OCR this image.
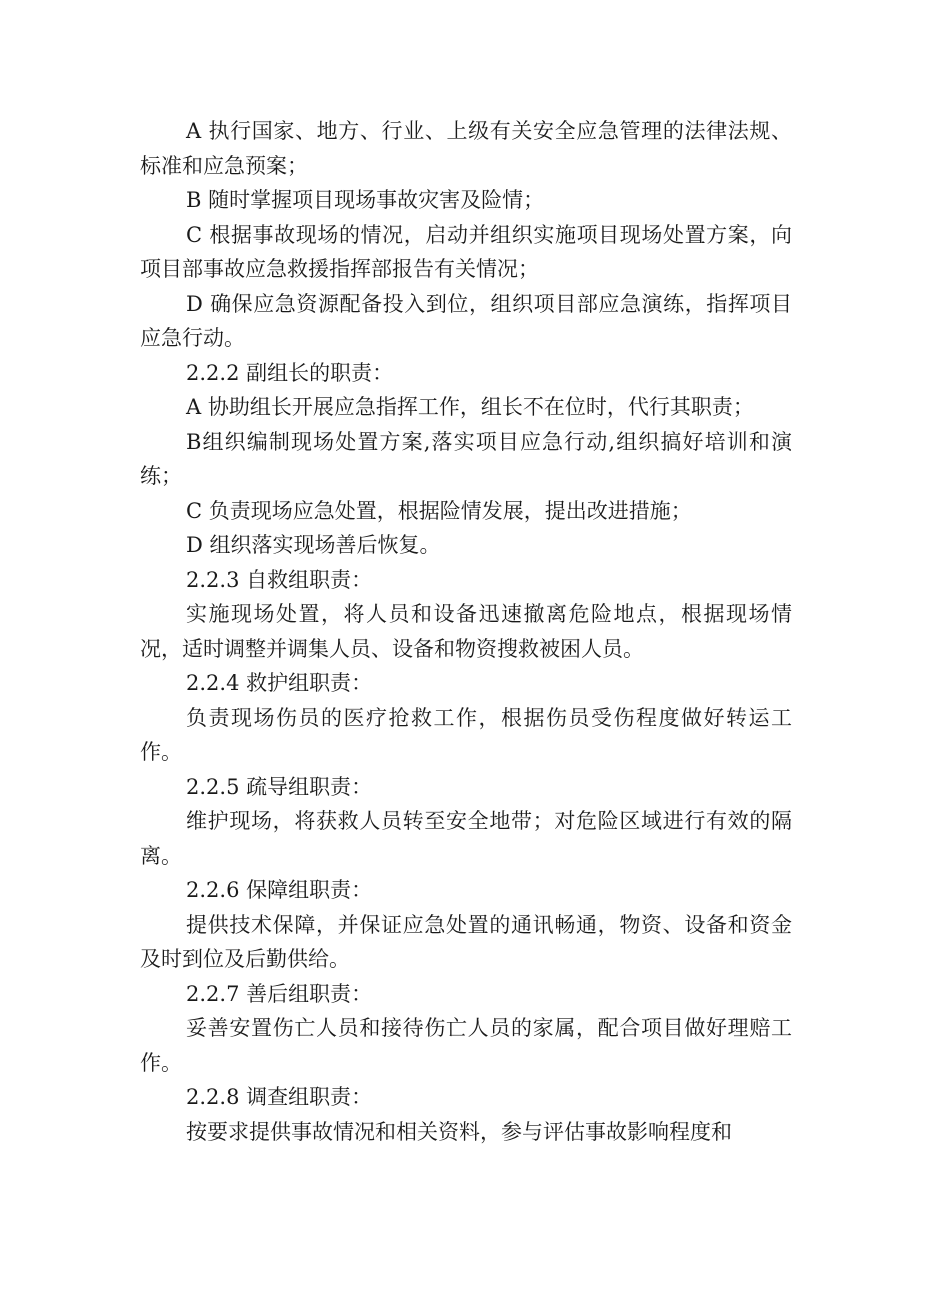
A 执行国家、地方、行业、上级有关安全应急管理的法律法规、标准和应急预案；

B 随时掌握项目现场事故灾害及险情；

C 根据事故现场的情况，启动并组织实施项目现场处置方案，向项目部事故应急救援指挥部报告有关情况；

D 确保应急资源配备投入到位，组织项目部应急演练，指挥项目应急行动。

2.2.2 副组长的职责：

A 协助组长开展应急指挥工作，组长不在位时，代行其职责；

B组织编制现场处置方案,落实项目应急行动,组织搞好培训和演练；

C 负责现场应急处置，根据险情发展，提出改进措施；

D 组织落实现场善后恢复。

2.2.3 自救组职责：

实施现场处置，将人员和设备迅速撤离危险地点，根据现场情况，适时调整并调集人员、设备和物资搜救被困人员。

2.2.4 救护组职责：

负责现场伤员的医疗抢救工作，根据伤员受伤程度做好转运工作。

2.2.5 疏导组职责：

维护现场，将获救人员转至安全地带；对危险区域进行有效的隔离。

2.2.6 保障组职责：

提供技术保障，并保证应急处置的通讯畅通，物资、设备和资金及时到位及后勤供给。

2.2.7 善后组职责：

妥善安置伤亡人员和接待伤亡人员的家属，配合项目做好理赔工作。

2.2.8 调查组职责：

按要求提供事故情况和相关资料，参与评估事故影响程度和
